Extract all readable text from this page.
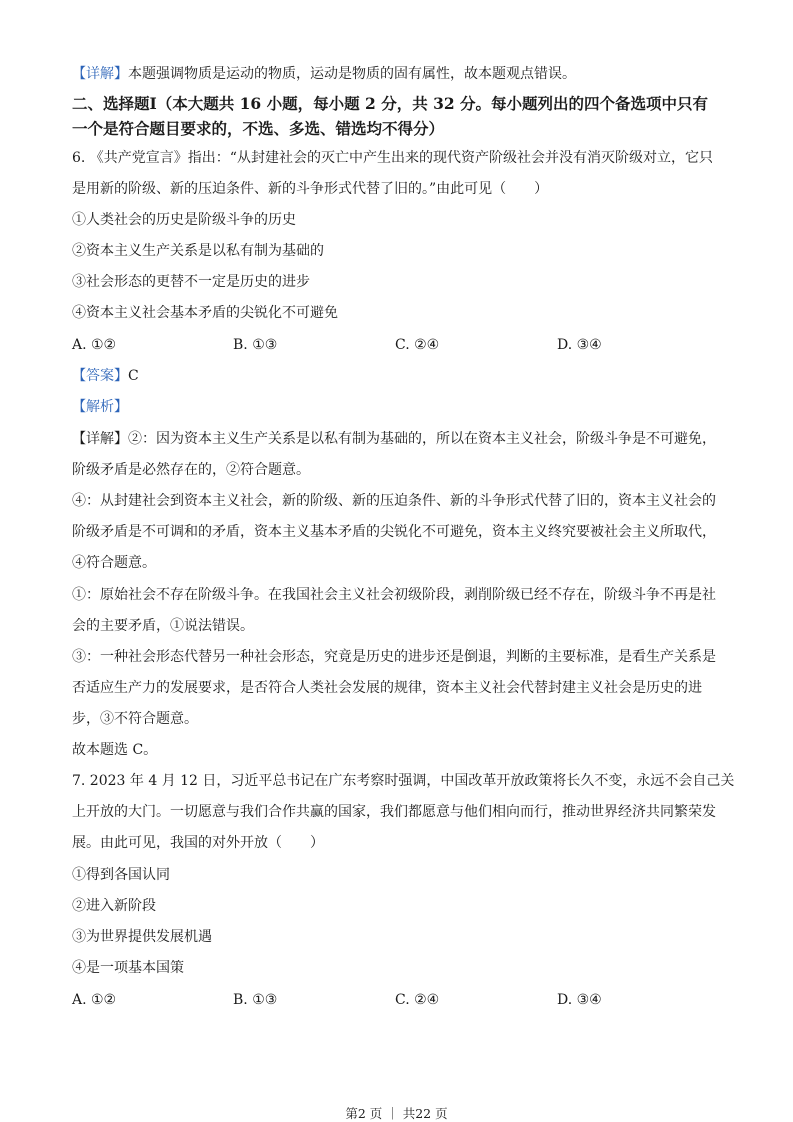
【详解】本题强调物质是运动的物质，运动是物质的固有属性，故本题观点错误。
二、选择题Ⅰ（本大题共 16 小题，每小题 2 分，共 32 分。每小题列出的四个备选项中只有
一个是符合题目要求的，不选、多选、错选均不得分）
6. 《共产党宣言》指出：“从封建社会的灭亡中产生出来的现代资产阶级社会并没有消灭阶级对立，它只
是用新的阶级、新的压迫条件、新的斗争形式代替了旧的。”由此可见（　　）
①人类社会的历史是阶级斗争的历史
②资本主义生产关系是以私有制为基础的
③社会形态的更替不一定是历史的进步
④资本主义社会基本矛盾的尖锐化不可避免
A. ①②	B. ①③	C. ②④	D. ③④
【答案】C
【解析】
【详解】②：因为资本主义生产关系是以私有制为基础的，所以在资本主义社会，阶级斗争是不可避免，
阶级矛盾是必然存在的，②符合题意。
④：从封建社会到资本主义社会，新的阶级、新的压迫条件、新的斗争形式代替了旧的，资本主义社会的
阶级矛盾是不可调和的矛盾，资本主义基本矛盾的尖锐化不可避免，资本主义终究要被社会主义所取代，
④符合题意。
①：原始社会不存在阶级斗争。在我国社会主义社会初级阶段，剥削阶级已经不存在，阶级斗争不再是社
会的主要矛盾，①说法错误。
③：一种社会形态代替另一种社会形态，究竟是历史的进步还是倒退，判断的主要标准，是看生产关系是
否适应生产力的发展要求，是否符合人类社会发展的规律，资本主义社会代替封建主义社会是历史的进
步，③不符合题意。
故本题选 C。
7. 2023 年 4 月 12 日，习近平总书记在广东考察时强调，中国改革开放政策将长久不变，永远不会自己关
上开放的大门。一切愿意与我们合作共赢的国家，我们都愿意与他们相向而行，推动世界经济共同繁荣发
展。由此可见，我国的对外开放（　　）
①得到各国认同
②进入新阶段
③为世界提供发展机遇
④是一项基本国策
A. ①②	B. ①③	C. ②④	D. ③④
第2 页 ｜ 共22 页
